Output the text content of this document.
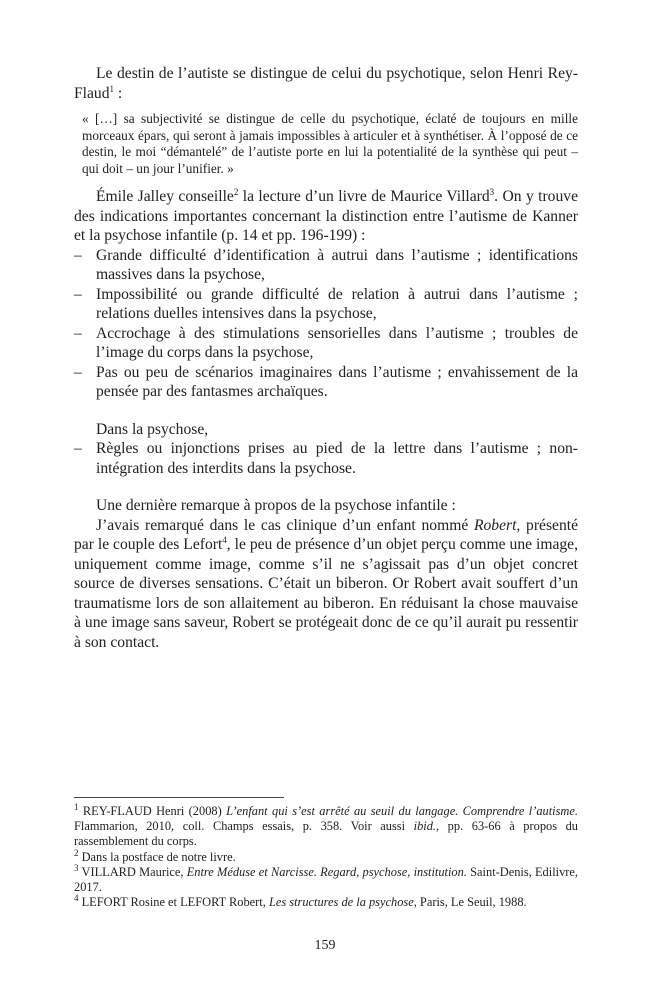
Le destin de l’autiste se distingue de celui du psychotique, selon Henri Rey-Flaud$^1$ :

« […] sa subjectivité se distingue de celle du psychotique, éclaté de toujours en mille morceaux épars, qui seront à jamais impossibles à articuler et à synthétiser. À l’opposé de ce destin, le moi “démantelé” de l’autiste porte en lui la potentialité de la synthèse qui peut – qui doit – un jour l’unifier. »

Émile Jalley conseille$^2$ la lecture d’un livre de Maurice Villard$^3$. On y trouve des indications importantes concernant la distinction entre l’autisme de Kanner et la psychose infantile (p. 14 et pp. 196-199) :

– Grande difficulté d’identification à autrui dans l’autisme ; identifications massives dans la psychose,
– Impossibilité ou grande difficulté de relation à autrui dans l’autisme ; relations duelles intensives dans la psychose,
– Accrochage à des stimulations sensorielles dans l’autisme ; troubles de l’image du corps dans la psychose,
– Pas ou peu de scénarios imaginaires dans l’autisme ; envahissement de la pensée par des fantasmes archaïques.

Dans la psychose,

– Règles ou injonctions prises au pied de la lettre dans l’autisme ; non-intégration des interdits dans la psychose.

Une dernière remarque à propos de la psychose infantile :

J’avais remarqué dans le cas clinique d’un enfant nommé Robert, présenté par le couple des Lefort$^4$, le peu de présence d’un objet perçu comme une image, uniquement comme image, comme s’il ne s’agissait pas d’un objet concret source de diverses sensations. C’était un biberon. Or Robert avait souffert d’un traumatisme lors de son allaitement au biberon. En réduisant la chose mauvaise à une image sans saveur, Robert se protégeait donc de ce qu’il aurait pu ressentir à son contact.

$^1$ REY-FLAUD Henri (2008) L’enfant qui s’est arrêté au seuil du langage. Comprendre l’autisme. Flammarion, 2010, coll. Champs essais, p. 358. Voir aussi ibid., pp. 63-66 à propos du rassemblement du corps.

$^2$ Dans la postface de notre livre.

$^3$ VILLARD Maurice, Entre Méduse et Narcisse. Regard, psychose, institution. Saint-Denis, Edilivre, 2017.

$^4$ LEFORT Rosine et LEFORT Robert, Les structures de la psychose, Paris, Le Seuil, 1988.

159
